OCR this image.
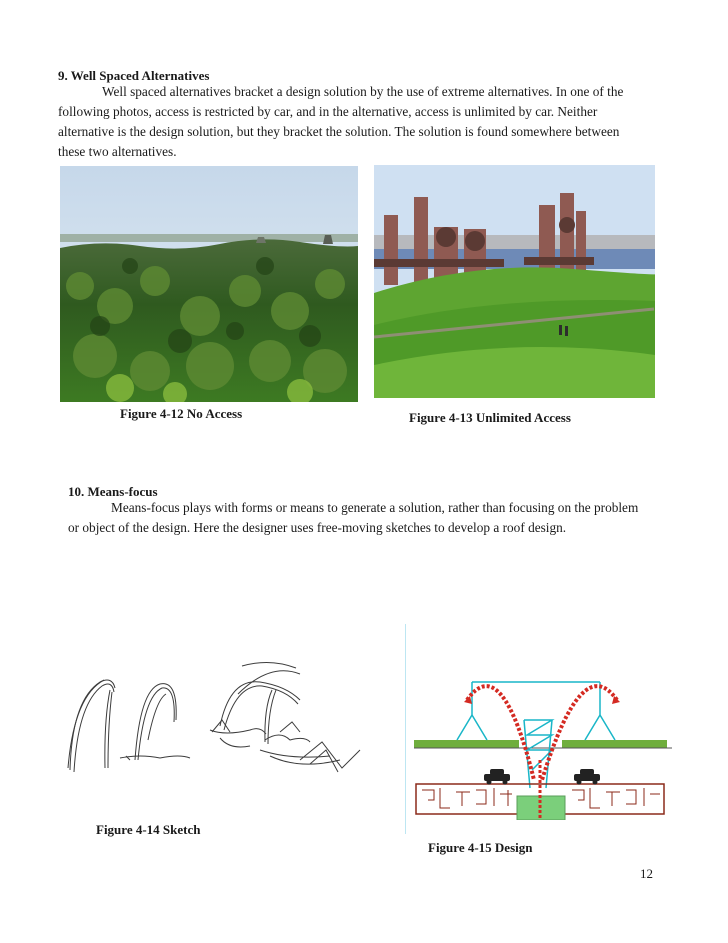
9. Well Spaced Alternatives
Well spaced alternatives bracket a design solution by the use of extreme alternatives. In one of the
following photos, access is restricted by car, and in the alternative, access is unlimited by car. Neither
alternative is the design solution, but they bracket the solution. The solution is found somewhere between
these two alternatives.
Figure 4-12 No Access	Figure 4-13 Unlimited Access
10. Means-focus
Means-focus plays with forms or means to generate a solution, rather than focusing on the problem
or object of the design. Here the designer uses free-moving sketches to develop a roof design.
Figure 4-14 Sketch
Figure 4-15 Design
12
